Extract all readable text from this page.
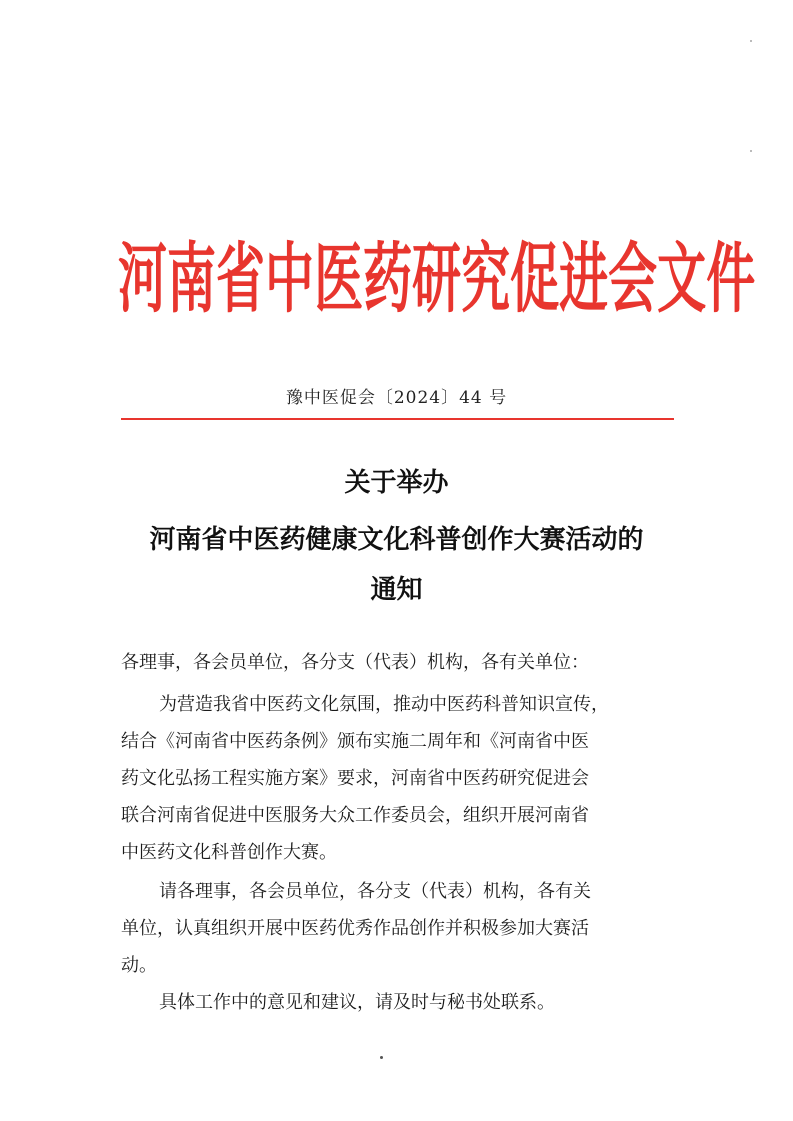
河 南 省 中 医 药 研 究 促 进 会 文 件
豫中医促会〔2024〕44 号
关于举办
河南省中医药健康文化科普创作大赛活动的
通知
各理事，各会员单位，各分支（代表）机构，各有关单位：
为营造我省中医药文化氛围，推动中医药科普知识宣传，
结合《河南省中医药条例》颁布实施二周年和《河南省中医
药文化弘扬工程实施方案》要求，河南省中医药研究促进会
联合河南省促进中医服务大众工作委员会，组织开展河南省
中医药文化科普创作大赛。
请各理事，各会员单位，各分支（代表）机构，各有关
单位，认真组织开展中医药优秀作品创作并积极参加大赛活
动。
具体工作中的意见和建议，请及时与秘书处联系。
